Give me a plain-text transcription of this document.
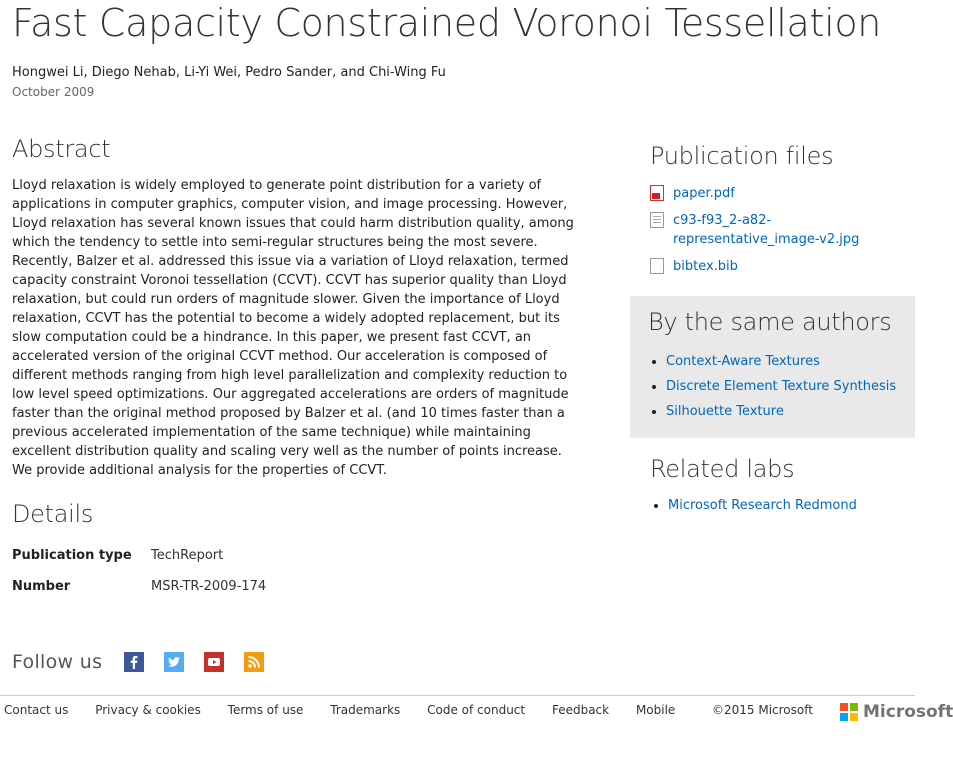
Fast Capacity Constrained Voronoi Tessellation
Hongwei Li, Diego Nehab, Li-Yi Wei, Pedro Sander, and Chi-Wing Fu
October 2009
Abstract

Lloyd relaxation is widely employed to generate point distribution for a variety of applications in computer graphics, computer vision, and image processing. However, Lloyd relaxation has several known issues that could harm distribution quality, among which the tendency to settle into semi-regular structures being the most severe. Recently, Balzer et al. addressed this issue via a variation of Lloyd relaxation, termed capacity constraint Voronoi tessellation (CCVT). CCVT has superior quality than Lloyd relaxation, but could run orders of magnitude slower. Given the importance of Lloyd relaxation, CCVT has the potential to become a widely adopted replacement, but its slow computation could be a hindrance. In this paper, we present fast CCVT, an accelerated version of the original CCVT method. Our acceleration is composed of different methods ranging from high level parallelization and complexity reduction to low level speed optimizations. Our aggregated accelerations are orders of magnitude faster than the original method proposed by Balzer et al. (and 10 times faster than a previous accelerated implementation of the same technique) while maintaining excellent distribution quality and scaling very well as the number of points increase. We provide additional analysis for the properties of CCVT.

Details
Publication type	TechReport
Number	MSR-TR-2009-174
Publication files
paper.pdf
c93-f93_2-a82-representative_image-v2.jpg
bibtex.bib
By the same authors
• Context-Aware Textures
• Discrete Element Texture Synthesis
• Silhouette Texture
Related labs
• Microsoft Research Redmond
Follow us
Contact us Privacy & cookies Terms of use Trademarks Code of conduct Feedback Mobile	©2015 Microsoft	Microsoft
